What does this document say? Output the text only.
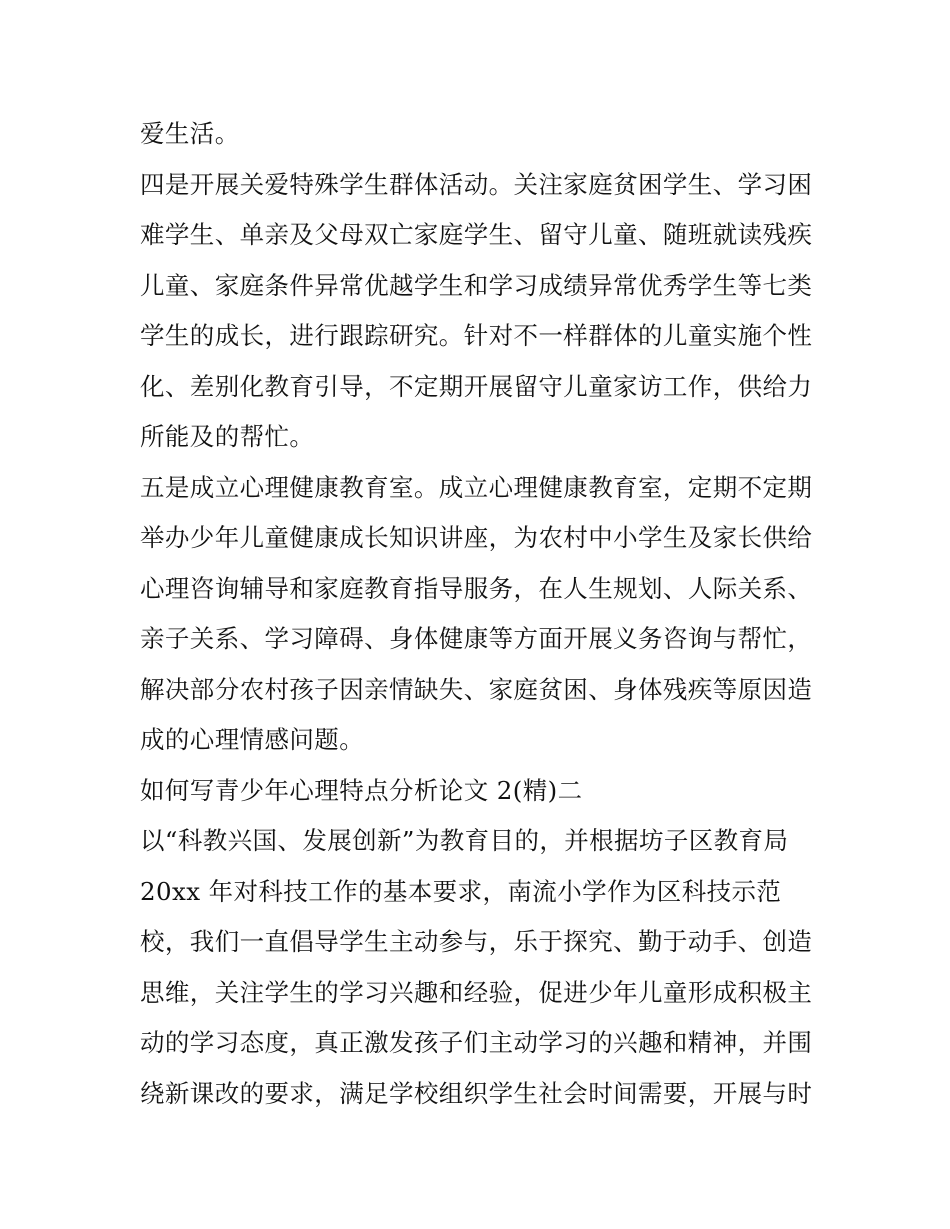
爱生活。
四是开展关爱特殊学生群体活动。关注家庭贫困学生、学习困
难学生、单亲及父母双亡家庭学生、留守儿童、随班就读残疾
儿童、家庭条件异常优越学生和学习成绩异常优秀学生等七类
学生的成长，进行跟踪研究。针对不一样群体的儿童实施个性
化、差别化教育引导，不定期开展留守儿童家访工作，供给力
所能及的帮忙。
五是成立心理健康教育室。成立心理健康教育室，定期不定期
举办少年儿童健康成长知识讲座，为农村中小学生及家长供给
心理咨询辅导和家庭教育指导服务，在人生规划、人际关系、
亲子关系、学习障碍、身体健康等方面开展义务咨询与帮忙，
解决部分农村孩子因亲情缺失、家庭贫困、身体残疾等原因造
成的心理情感问题。
如何写青少年心理特点分析论文 2(精)二
以“科教兴国、发展创新”为教育目的，并根据坊子区教育局
20xx 年对科技工作的基本要求，南流小学作为区科技示范
校，我们一直倡导学生主动参与，乐于探究、勤于动手、创造
思维，关注学生的学习兴趣和经验，促进少年儿童形成积极主
动的学习态度，真正激发孩子们主动学习的兴趣和精神，并围
绕新课改的要求，满足学校组织学生社会时间需要，开展与时
